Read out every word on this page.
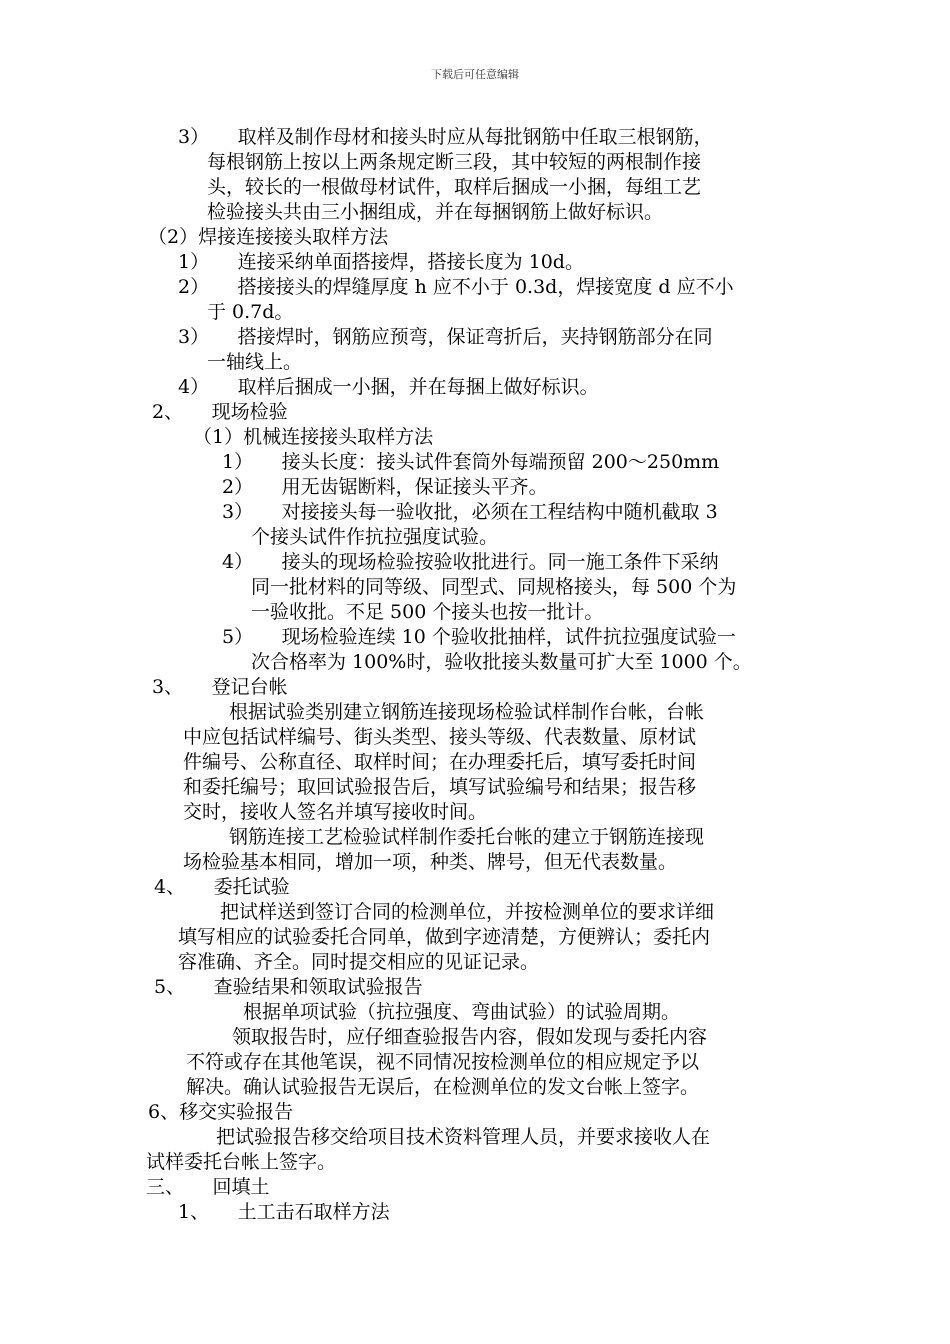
下载后可任意编辑
3）　　取样及制作母材和接头时应从每批钢筋中任取三根钢筋，
每根钢筋上按以上两条规定断三段，其中较短的两根制作接
头，较长的一根做母材试件，取样后捆成一小捆，每组工艺
检验接头共由三小捆组成，并在每捆钢筋上做好标识。
（2）焊接连接接头取样方法
1）　　连接采纳单面搭接焊，搭接长度为 10d。
2）　　搭接接头的焊缝厚度 h 应不小于 0.3d，焊接宽度 d 应不小
于 0.7d。
3）　　搭接焊时，钢筋应预弯，保证弯折后，夹持钢筋部分在同
一轴线上。
4）　　取样后捆成一小捆，并在每捆上做好标识。
2、　　现场检验
（1）机械连接接头取样方法
1）　　接头长度：接头试件套筒外每端预留 200～250mm
2）　　用无齿锯断料，保证接头平齐。
3）　　对接接头每一验收批，必须在工程结构中随机截取 3
个接头试件作抗拉强度试验。
4）　　接头的现场检验按验收批进行。同一施工条件下采纳
同一批材料的同等级、同型式、同规格接头，每 500 个为
一验收批。不足 500 个接头也按一批计。
5）　　现场检验连续 10 个验收批抽样，试件抗拉强度试验一
次合格率为 100%时，验收批接头数量可扩大至 1000 个。
3、　　登记台帐
根据试验类别建立钢筋连接现场检验试样制作台帐，台帐
中应包括试样编号、街头类型、接头等级、代表数量、原材试
件编号、公称直径、取样时间；在办理委托后，填写委托时间
和委托编号；取回试验报告后，填写试验编号和结果；报告移
交时，接收人签名并填写接收时间。
钢筋连接工艺检验试样制作委托台帐的建立于钢筋连接现
场检验基本相同，增加一项，种类、牌号，但无代表数量。
4、　　委托试验
把试样送到签订合同的检测单位，并按检测单位的要求详细
填写相应的试验委托合同单，做到字迹清楚，方便辨认；委托内
容准确、齐全。同时提交相应的见证记录。
5、　　查验结果和领取试验报告
根据单项试验（抗拉强度、弯曲试验）的试验周期。
领取报告时，应仔细查验报告内容，假如发现与委托内容
不符或存在其他笔误，视不同情况按检测单位的相应规定予以
解决。确认试验报告无误后，在检测单位的发文台帐上签字。
6、移交实验报告
把试验报告移交给项目技术资料管理人员，并要求接收人在
试样委托台帐上签字。
三、　　回填土
1、　　土工击石取样方法
